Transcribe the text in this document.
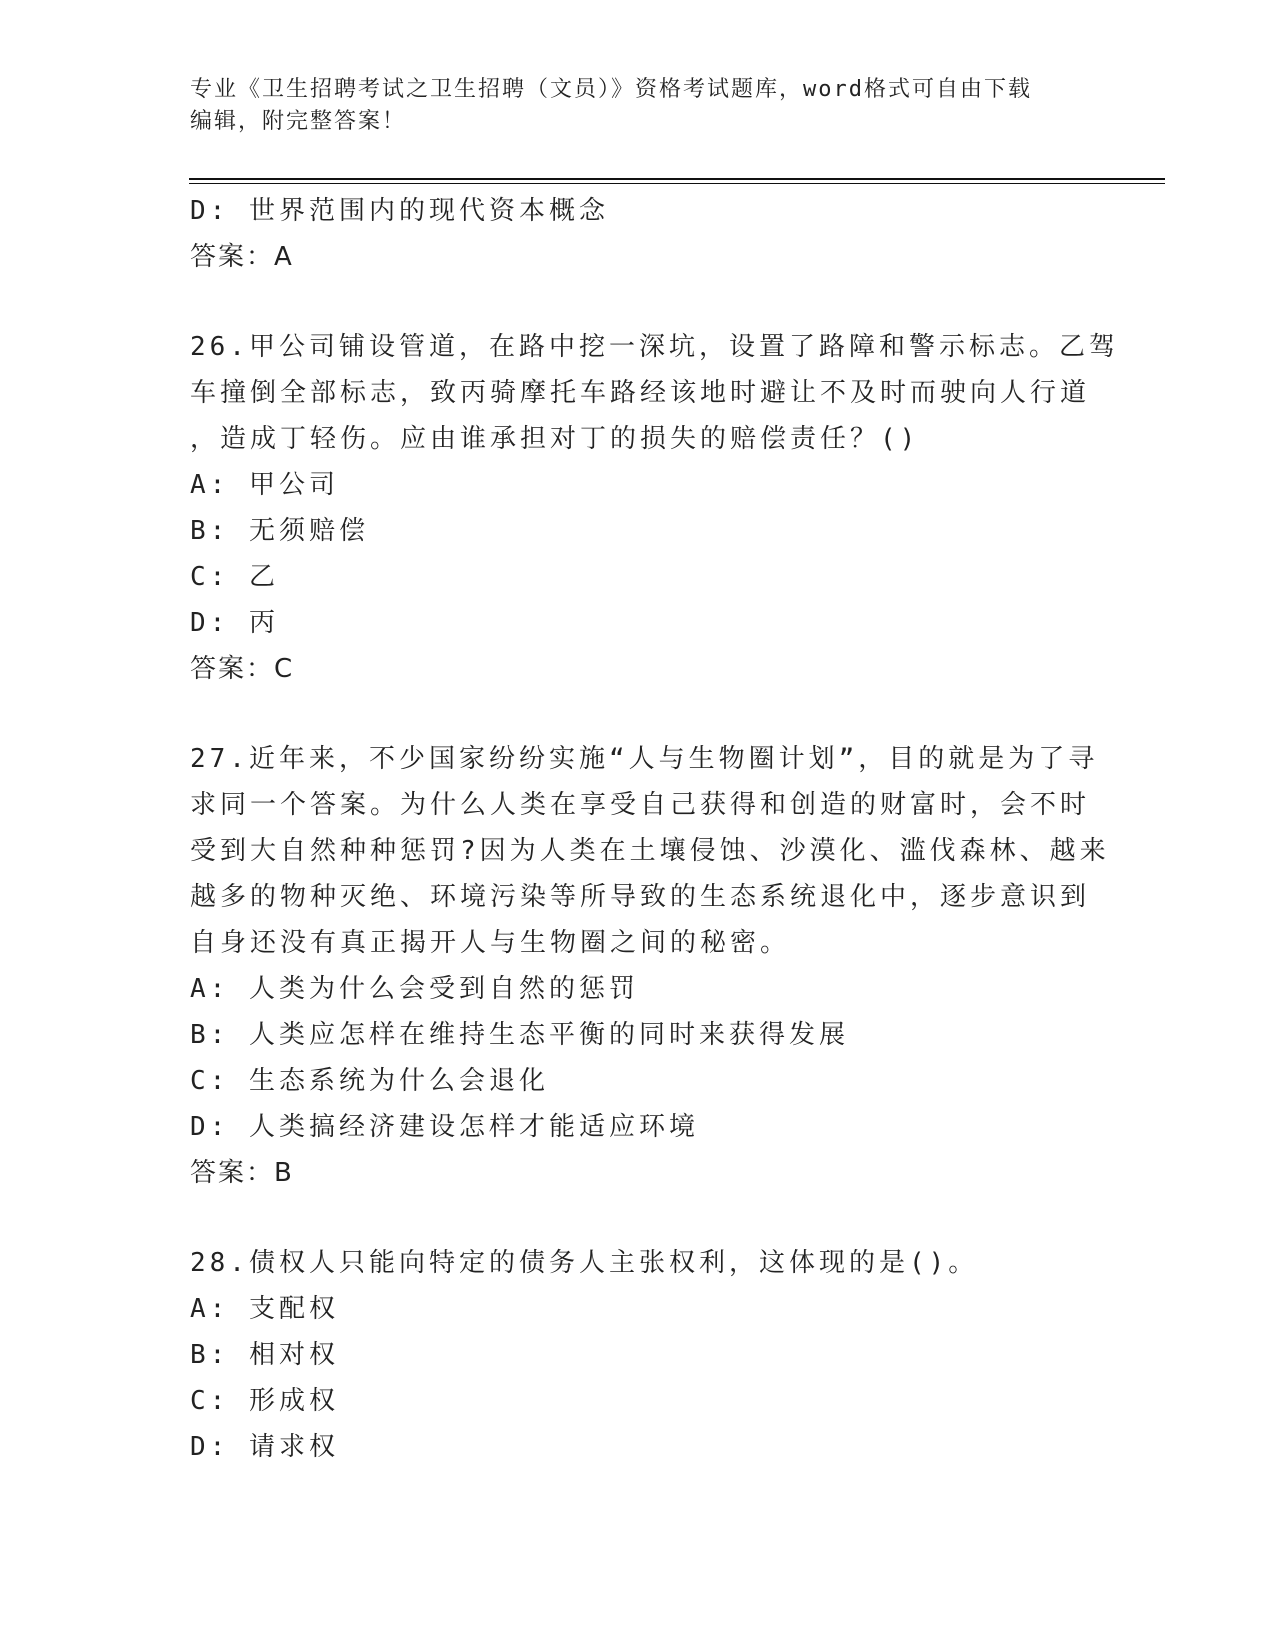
专业《卫生招聘考试之卫生招聘（文员）》资格考试题库，word格式可自由下载
编辑，附完整答案！
D: 世界范围内的现代资本概念
答案：A
26.甲公司铺设管道，在路中挖一深坑，设置了路障和警示标志。乙驾
车撞倒全部标志，致丙骑摩托车路经该地时避让不及时而驶向人行道
，造成丁轻伤。应由谁承担对丁的损失的赔偿责任？()
A: 甲公司
B: 无须赔偿
C: 乙
D: 丙
答案：C
27.近年来，不少国家纷纷实施“人与生物圈计划”，目的就是为了寻
求同一个答案。为什么人类在享受自己获得和创造的财富时，会不时
受到大自然种种惩罚?因为人类在土壤侵蚀、沙漠化、滥伐森林、越来
越多的物种灭绝、环境污染等所导致的生态系统退化中，逐步意识到
自身还没有真正揭开人与生物圈之间的秘密。
A: 人类为什么会受到自然的惩罚
B: 人类应怎样在维持生态平衡的同时来获得发展
C: 生态系统为什么会退化
D: 人类搞经济建设怎样才能适应环境
答案：B
28.债权人只能向特定的债务人主张权利，这体现的是()。
A: 支配权
B: 相对权
C: 形成权
D: 请求权
